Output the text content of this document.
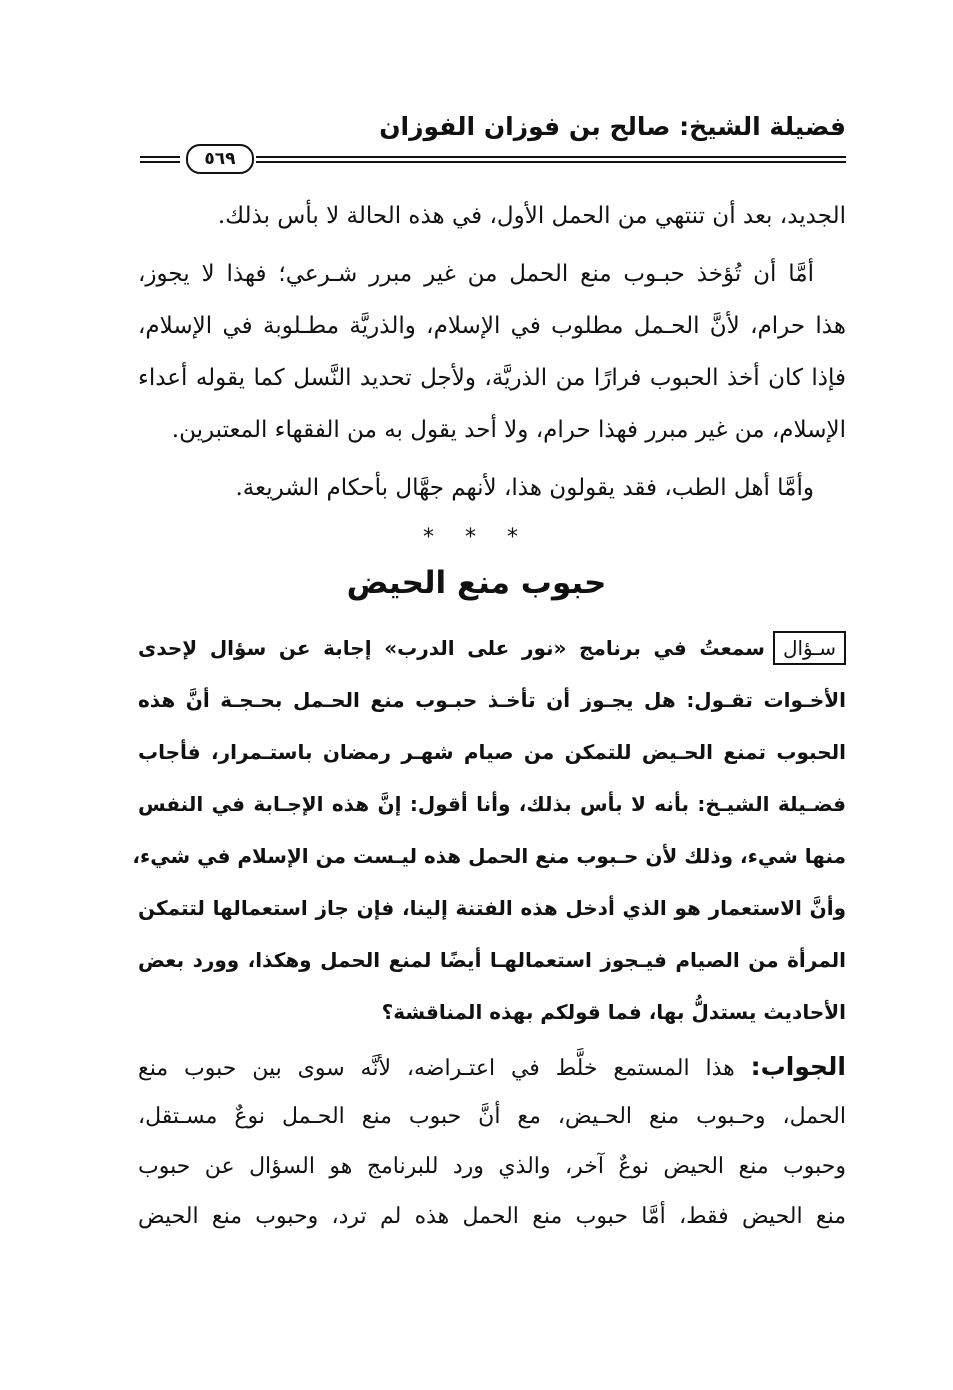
فضيلة الشيخ: صالح بن فوزان الفوزان
٥٦٩
الجديد، بعد أن تنتهي من الحمل الأول، في هذه الحالة لا بأس بذلك.
أمَّا أن تُؤخذ حبـوب منع الحمل من غير مبرر شـرعي؛ فهذا لا يجوز،
هذا حرام، لأنَّ الحـمل مطلوب في الإسلام، والذريَّة مطـلوبة في الإسلام،
فإذا كان أخذ الحبوب فرارًا من الذريَّة، ولأجل تحديد النَّسل كما يقوله أعداء
الإسلام، من غير مبرر فهذا حرام، ولا أحد يقول به من الفقهاء المعتبرين.
وأمَّا أهل الطب، فقد يقولون هذا، لأنهم جهَّال بأحكام الشريعة.
* * *
حبوب منع الحيض
سـؤالسمعتُ في برنامج «نور على الدرب» إجابة عن سؤال لإحدى
الأخـوات تقـول: هل يجـوز أن تأخـذ حبـوب منع الحـمل بحـجـة أنَّ هذه
الحبوب تمنع الحـيض للتمكن من صيام شهـر رمضان باستـمرار، فأجاب
فضـيلة الشيـخ: بأنه لا بأس بذلك، وأنا أقول: إنَّ هذه الإجـابة في النفس
منها شيء، وذلك لأن حـبوب منع الحمل هذه ليـست من الإسلام في شيء،
وأنَّ الاستعمار هو الذي أدخل هذه الفتنة إلينا، فإن جاز استعمالها لتتمكن
المرأة من الصيام فيـجوز استعمالهـا أيضًا لمنع الحمل وهكذا، وورد بعض
الأحاديث يستدلُّ بها، فما قولكم بهذه المناقشة؟
الجواب: هذا المستمع خلَّط في اعتـراضه، لأنَّه سوى بين حبوب منع
الحمل، وحـبوب منع الحـيض، مع أنَّ حبوب منع الحـمل نوعٌ مسـتقل،
وحبوب منع الحيض نوعٌ آخر، والذي ورد للبرنامج هو السؤال عن حبوب
منع الحيض فقط، أمَّا حبوب منع الحمل هذه لم ترد، وحبوب منع الحيض
